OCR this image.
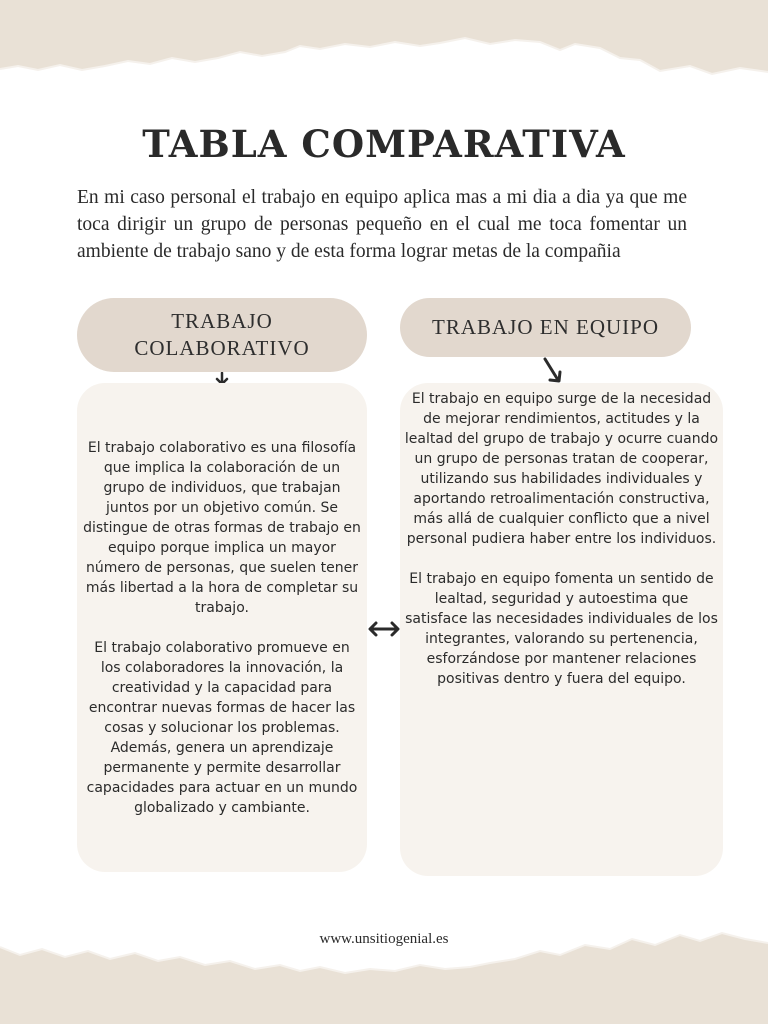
TABLA COMPARATIVA

En mi caso personal el trabajo en equipo aplica mas a mi dia a dia ya que me toca dirigir un grupo de personas pequeño en el cual me toca fomentar un ambiente de trabajo sano y de esta forma lograr metas de la compañia

TRABAJO COLABORATIVO
TRABAJO EN EQUIPO

El trabajo colaborativo es una filosofía que implica la colaboración de un grupo de individuos, que trabajan juntos por un objetivo común. Se distingue de otras formas de trabajo en equipo porque implica un mayor número de personas, que suelen tener más libertad a la hora de completar su trabajo.

El trabajo colaborativo promueve en los colaboradores la innovación, la creatividad y la capacidad para encontrar nuevas formas de hacer las cosas y solucionar los problemas. Además, genera un aprendizaje permanente y permite desarrollar capacidades para actuar en un mundo globalizado y cambiante.

El trabajo en equipo surge de la necesidad de mejorar rendimientos, actitudes y la lealtad del grupo de trabajo y ocurre cuando un grupo de personas tratan de cooperar, utilizando sus habilidades individuales y aportando retroalimentación constructiva, más allá de cualquier conflicto que a nivel personal pudiera haber entre los individuos.

El trabajo en equipo fomenta un sentido de lealtad, seguridad y autoestima que satisface las necesidades individuales de los integrantes, valorando su pertenencia, esforzándose por mantener relaciones positivas dentro y fuera del equipo.

www.unsitiogenial.es
